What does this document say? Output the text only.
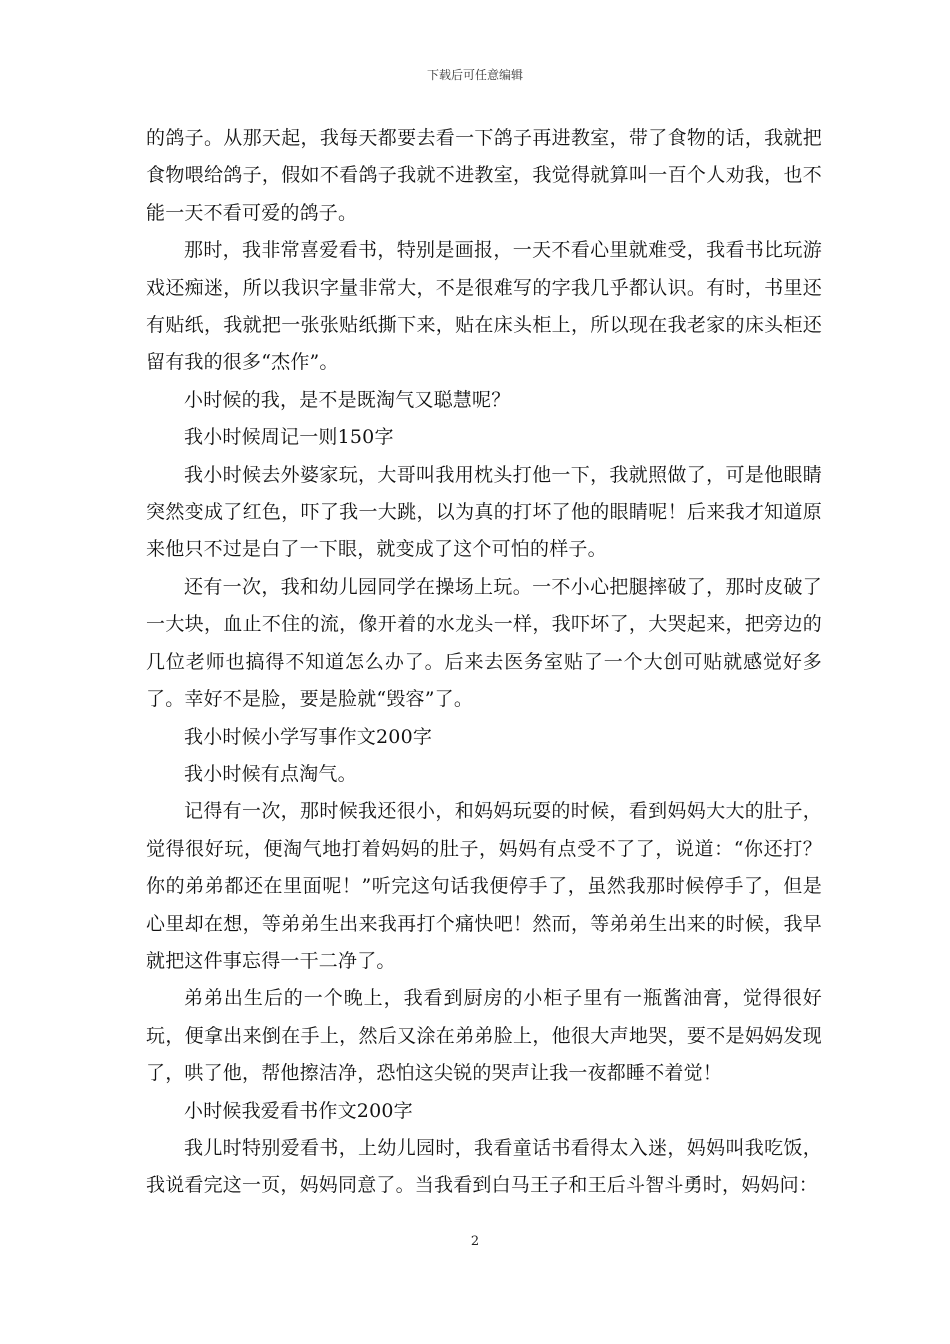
下载后可任意编辑

的鸽子。从那天起，我每天都要去看一下鸽子再进教室，带了食物的话，我就把食物喂给鸽子，假如不看鸽子我就不进教室，我觉得就算叫一百个人劝我，也不能一天不看可爱的鸽子。

那时，我非常喜爱看书，特别是画报，一天不看心里就难受，我看书比玩游戏还痴迷，所以我识字量非常大，不是很难写的字我几乎都认识。有时，书里还有贴纸，我就把一张张贴纸撕下来，贴在床头柜上，所以现在我老家的床头柜还留有我的很多“杰作”。

小时候的我，是不是既淘气又聪慧呢？

我小时候周记一则150字

我小时候去外婆家玩，大哥叫我用枕头打他一下，我就照做了，可是他眼睛突然变成了红色，吓了我一大跳，以为真的打坏了他的眼睛呢！后来我才知道原来他只不过是白了一下眼，就变成了这个可怕的样子。

还有一次，我和幼儿园同学在操场上玩。一不小心把腿摔破了，那时皮破了一大块，血止不住的流，像开着的水龙头一样，我吓坏了，大哭起来，把旁边的几位老师也搞得不知道怎么办了。后来去医务室贴了一个大创可贴就感觉好多了。幸好不是脸，要是脸就“毁容”了。

我小时候小学写事作文200字

我小时候有点淘气。

记得有一次，那时候我还很小，和妈妈玩耍的时候，看到妈妈大大的肚子，觉得很好玩，便淘气地打着妈妈的肚子，妈妈有点受不了了，说道：“你还打？你的弟弟都还在里面呢！”听完这句话我便停手了，虽然我那时候停手了，但是心里却在想，等弟弟生出来我再打个痛快吧！然而，等弟弟生出来的时候，我早就把这件事忘得一干二净了。

弟弟出生后的一个晚上，我看到厨房的小柜子里有一瓶酱油膏，觉得很好玩，便拿出来倒在手上，然后又涂在弟弟脸上，他很大声地哭，要不是妈妈发现了，哄了他，帮他擦洁净，恐怕这尖锐的哭声让我一夜都睡不着觉！

小时候我爱看书作文200字

我儿时特别爱看书，上幼儿园时，我看童话书看得太入迷，妈妈叫我吃饭，我说看完这一页，妈妈同意了。当我看到白马王子和王后斗智斗勇时，妈妈问：

2
